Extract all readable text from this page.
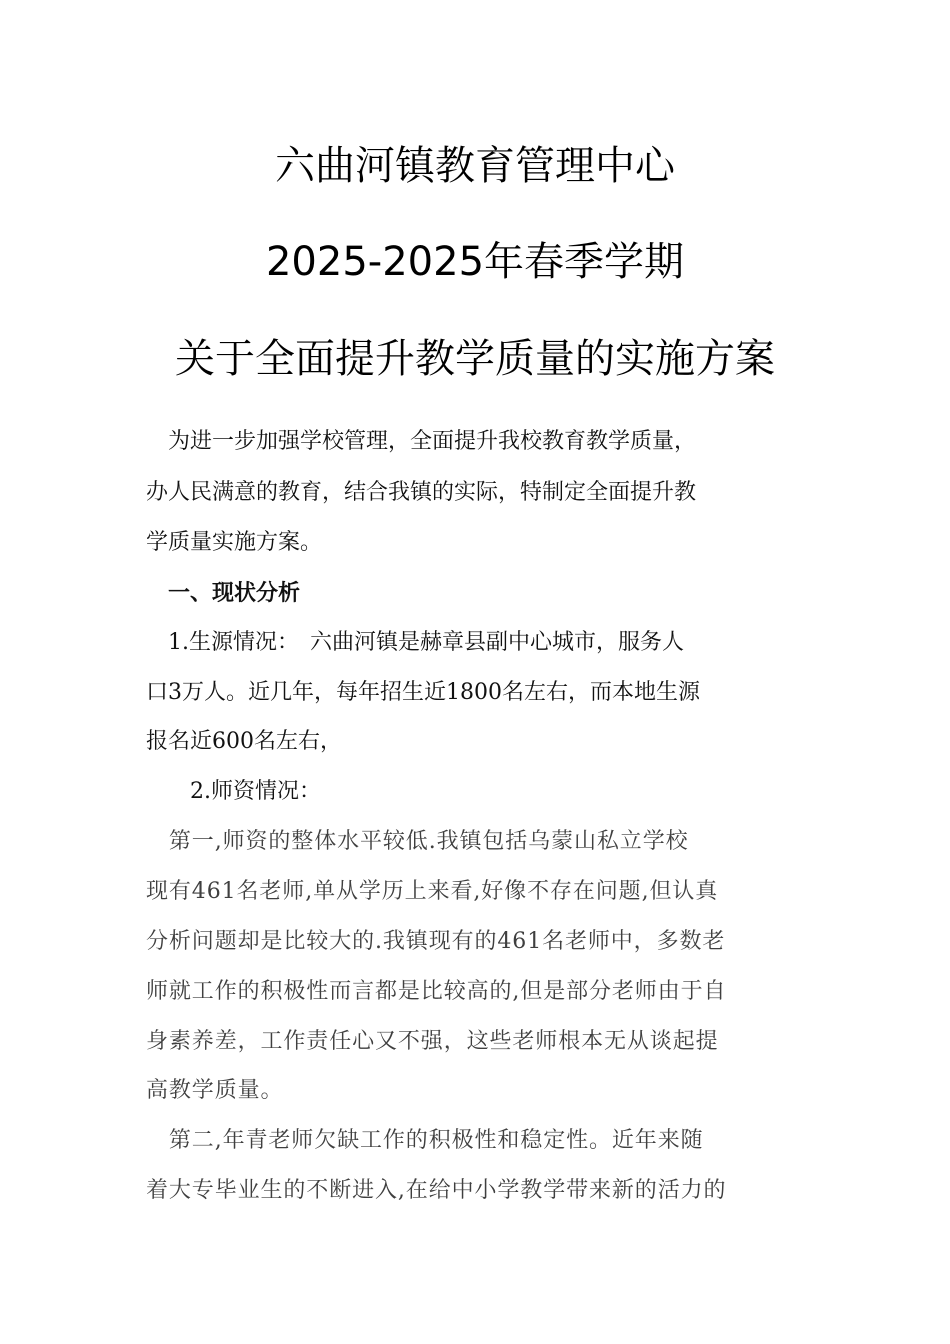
六曲河镇教育管理中心
2025-2025年春季学期
关于全面提升教学质量的实施方案
　为进一步加强学校管理，全面提升我校教育教学质量，
办人民满意的教育，结合我镇的实际，特制定全面提升教
学质量实施方案。
　一、现状分析
　1.生源情况：　六曲河镇是赫章县副中心城市，服务人
口3万人。近几年，每年招生近1800名左右，而本地生源
报名近600名左右，
　　2.师资情况：
　第一,师资的整体水平较低.我镇包括乌蒙山私立学校
现有461名老师,单从学历上来看,好像不存在问题,但认真
分析问题却是比较大的.我镇现有的461名老师中，多数老
师就工作的积极性而言都是比较高的,但是部分老师由于自
身素养差，工作责任心又不强，这些老师根本无从谈起提
高教学质量。
　第二,年青老师欠缺工作的积极性和稳定性。近年来随
着大专毕业生的不断进入,在给中小学教学带来新的活力的
